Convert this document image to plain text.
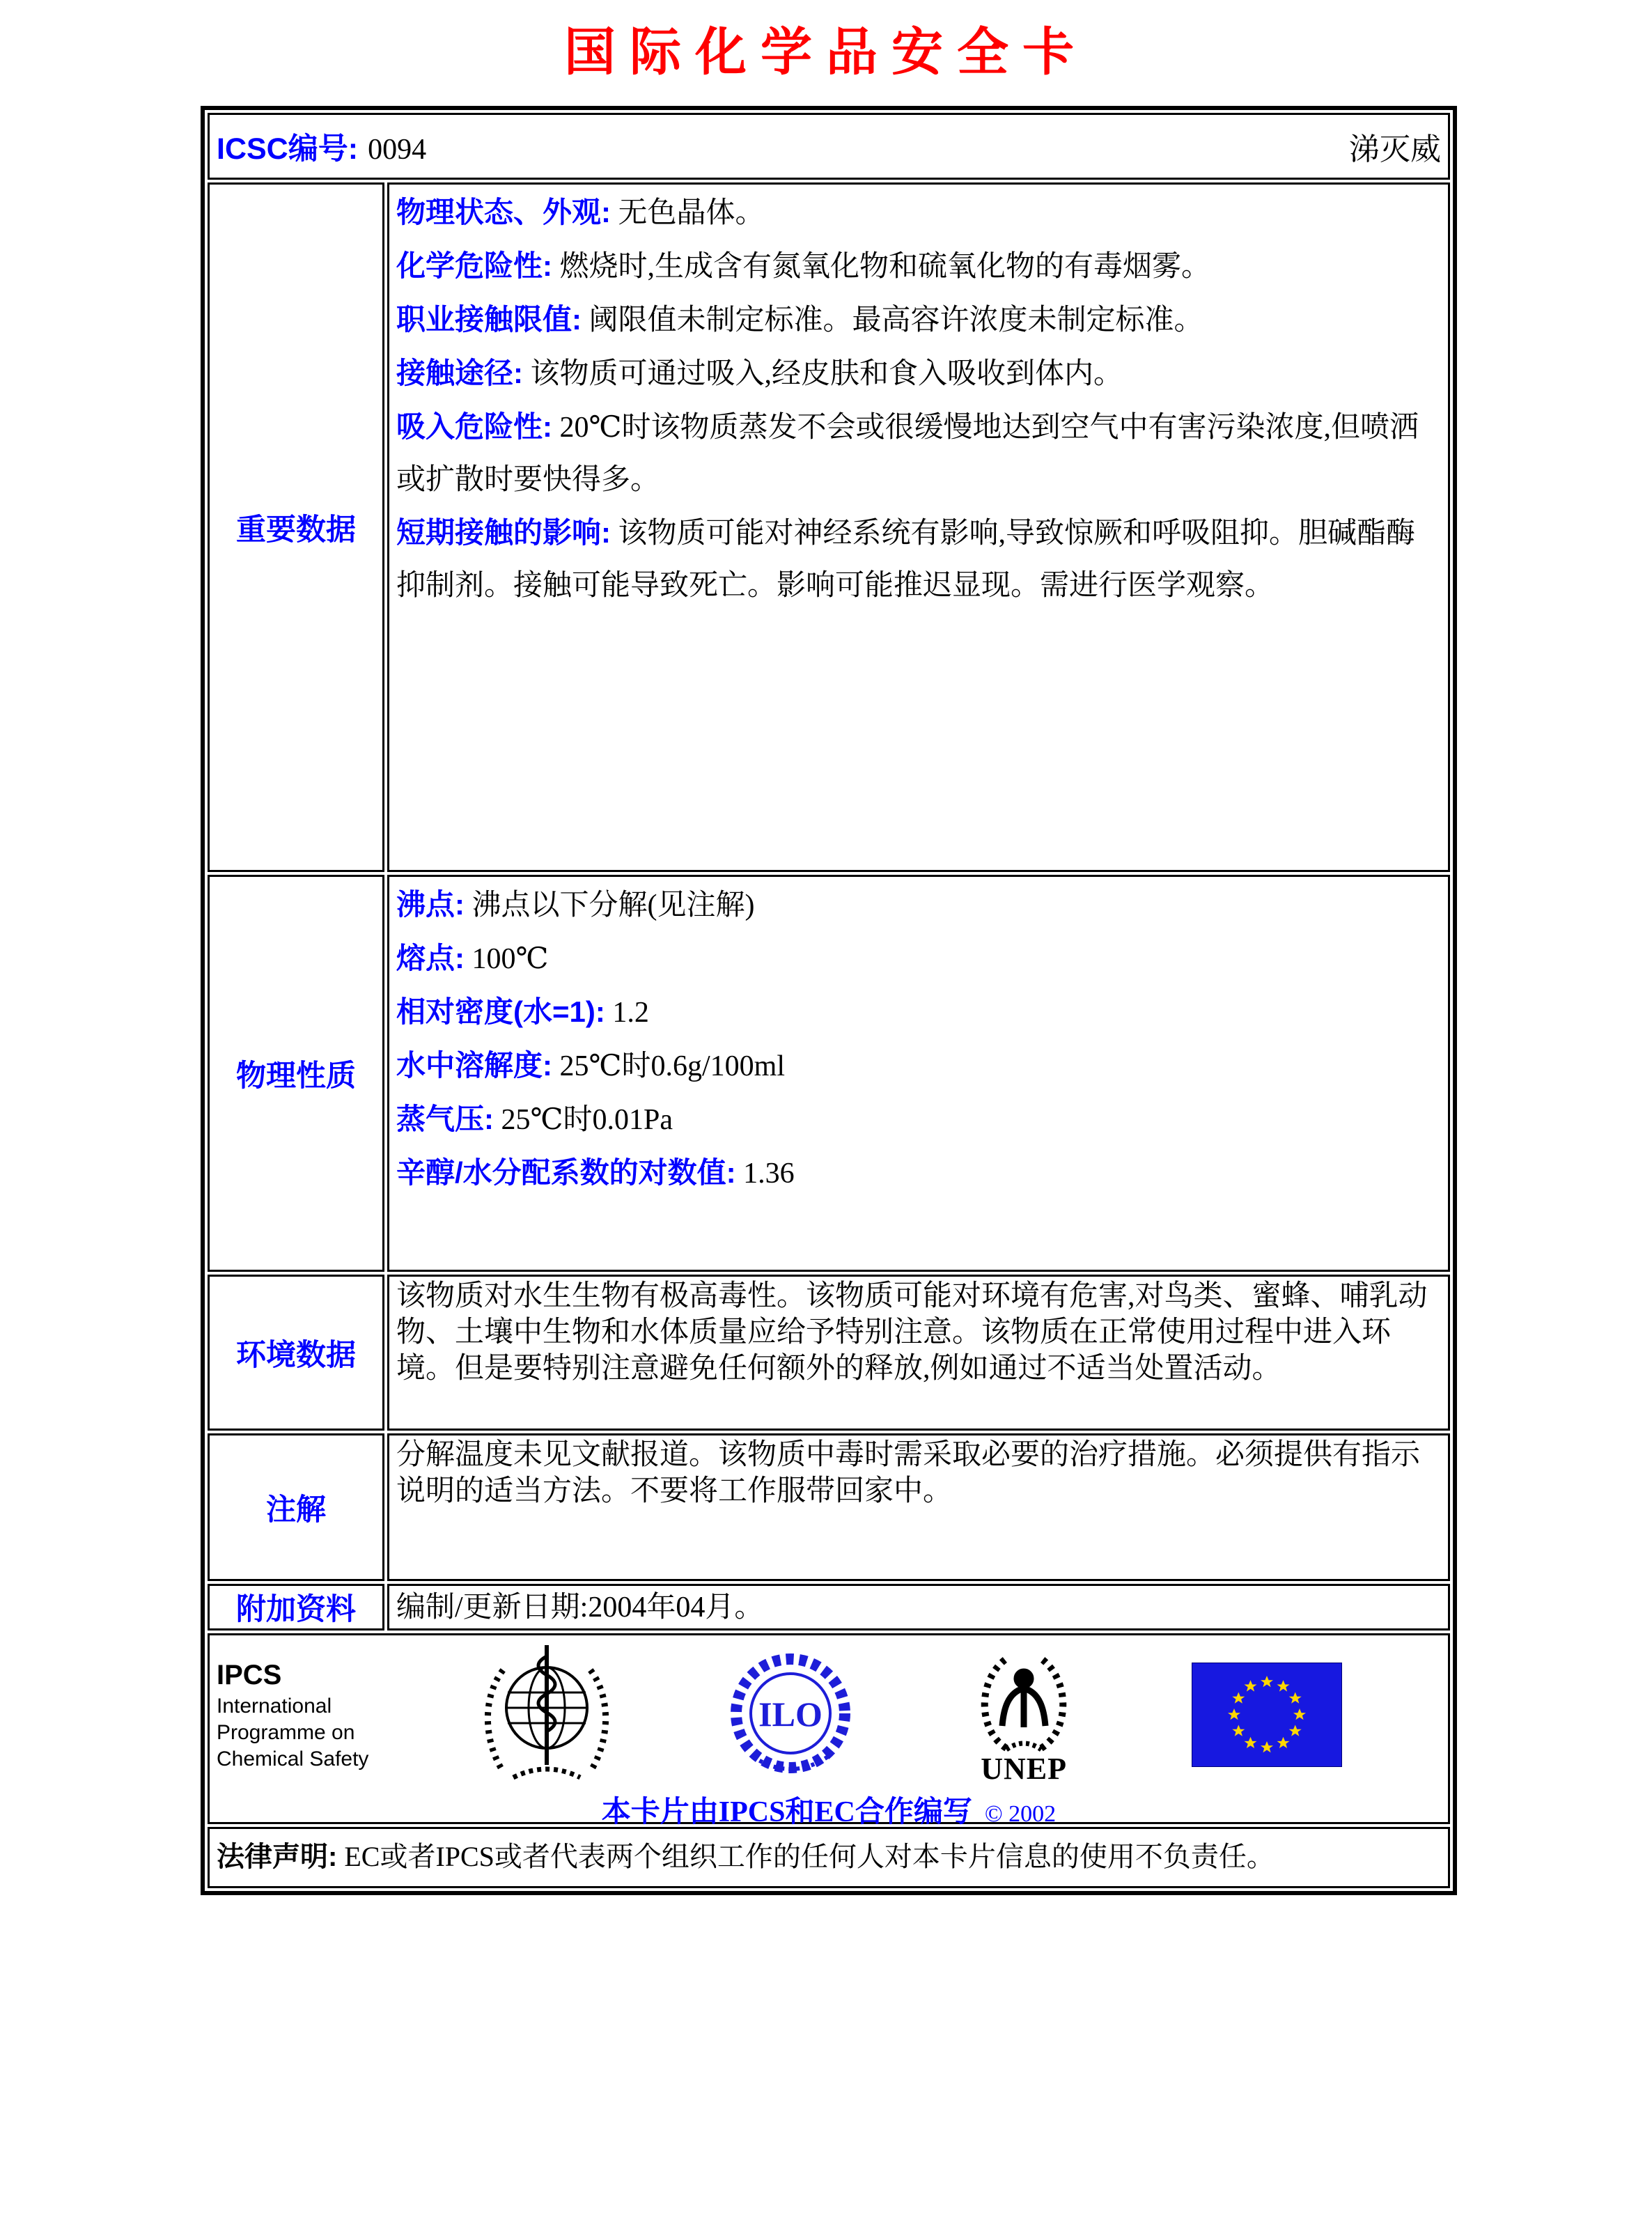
国际化学品安全卡
ICSC编号: 0094 涕灭威	

重要数据	
物理状态、外观: 无色晶体。
化学危险性: 燃烧时,生成含有氮氧化物和硫氧化物的有毒烟雾。
职业接触限值: 阈限值未制定标准。最高容许浓度未制定标准。
接触途径: 该物质可通过吸入,经皮肤和食入吸收到体内。
吸入危险性: 20℃时该物质蒸发不会或很缓慢地达到空气中有害污染浓度,但喷洒或扩散时要快得多。
短期接触的影响: 该物质可能对神经系统有影响,导致惊厥和呼吸阻抑。胆碱酯酶抑制剂。接触可能导致死亡。影响可能推迟显现。需进行医学观察。

物理性质	
沸点: 沸点以下分解(见注解)
熔点: 100℃
相对密度(水=1): 1.2
水中溶解度: 25℃时0.6g/100ml
蒸气压: 25℃时0.01Pa
辛醇/水分配系数的对数值: 1.36

环境数据	该物质对水生生物有极高毒性。该物质可能对环境有危害,对鸟类、蜜蜂、哺乳动物、土壤中生物和水体质量应给予特别注意。该物质在正常使用过程中进入环境。但是要特别注意避免任何额外的释放,例如通过不适当处置活动。
注解	分解温度未见文献报道。该物质中毒时需采取必要的治疗措施。必须提供有指示说明的适当方法。不要将工作服带回家中。
附加资料	编制/更新日期:2004年04月。

IPCS
International
Programme on
Chemical Safety
ILO
UNEP
本卡片由IPCS和EC合作编写 © 2002

法律声明: EC或者IPCS或者代表两个组织工作的任何人对本卡片信息的使用不负责任。	
